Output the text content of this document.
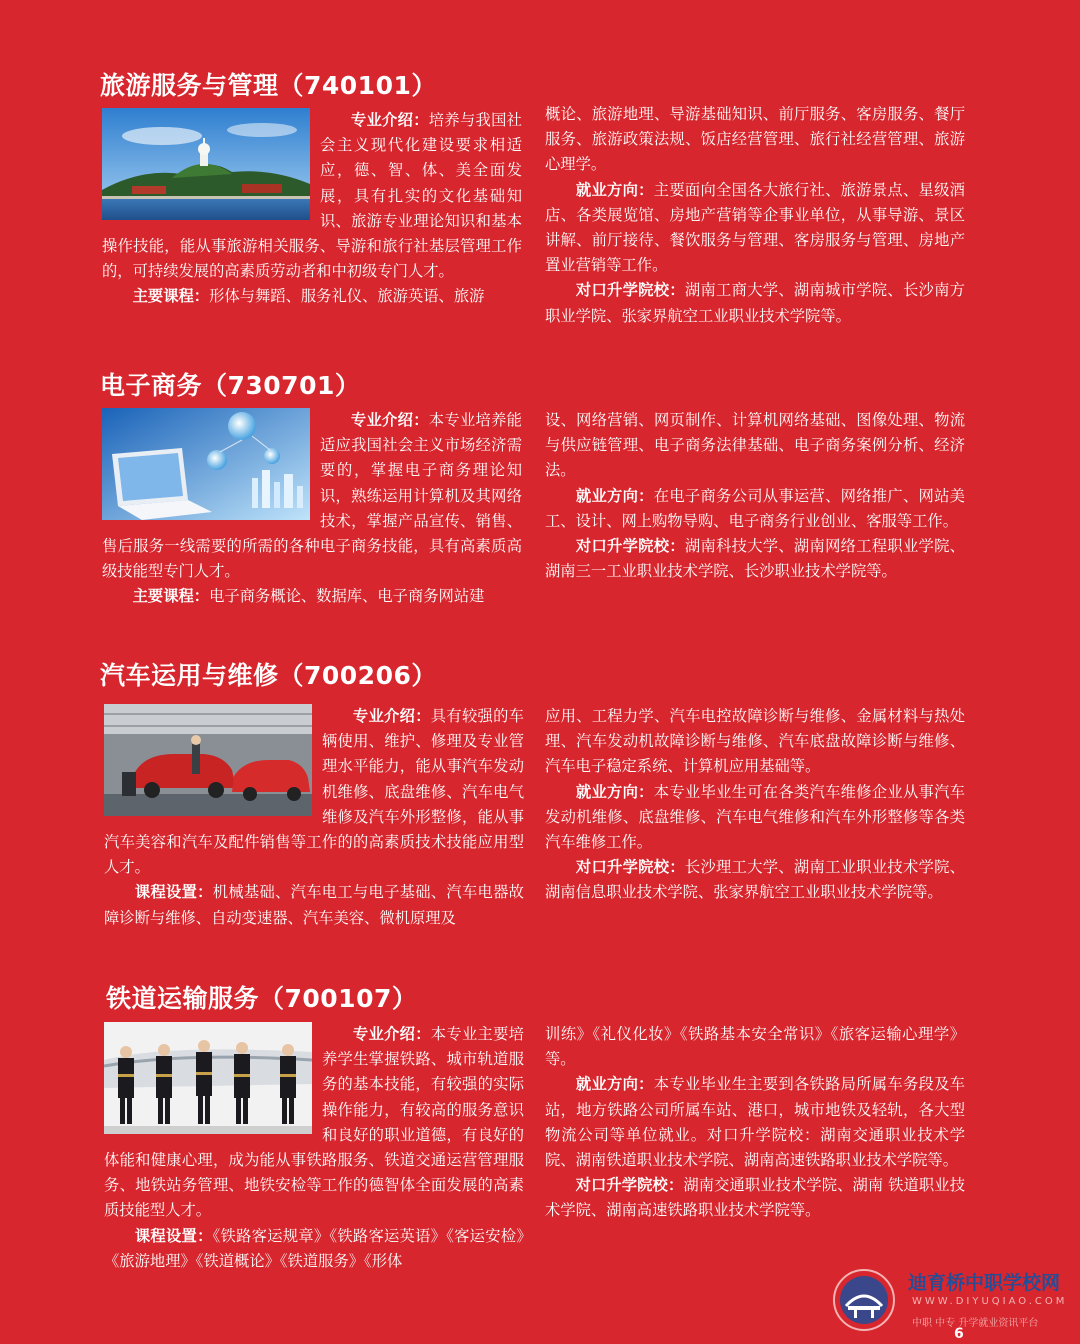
旅游服务与管理（740101）

专业介绍：培养与我国社会主义现代化建设要求相适应，德、智、体、美全面发展，具有扎实的文化基础知识、旅游专业理论知识和基本操作技能，能从事旅游相关服务、导游和旅行社基层管理工作的，可持续发展的高素质劳动者和中初级专门人才。

主要课程：形体与舞蹈、服务礼仪、旅游英语、旅游

概论、旅游地理、导游基础知识、前厅服务、客房服务、餐厅服务、旅游政策法规、饭店经营管理、旅行社经营管理、旅游心理学。

就业方向：主要面向全国各大旅行社、旅游景点、星级酒店、各类展览馆、房地产营销等企事业单位，从事导游、景区讲解、前厅接待、餐饮服务与管理、客房服务与管理、房地产置业营销等工作。

对口升学院校：湖南工商大学、湖南城市学院、长沙南方职业学院、张家界航空工业职业技术学院等。

电子商务（730701）

专业介绍：本专业培养能适应我国社会主义市场经济需要的，掌握电子商务理论知识，熟练运用计算机及其网络技术，掌握产品宣传、销售、售后服务一线需要的所需的各种电子商务技能，具有高素质高级技能型专门人才。

主要课程：电子商务概论、数据库、电子商务网站建

设、网络营销、网页制作、计算机网络基础、图像处理、物流与供应链管理、电子商务法律基础、电子商务案例分析、经济法。

就业方向：在电子商务公司从事运营、网络推广、网站美工、设计、网上购物导购、电子商务行业创业、客服等工作。

对口升学院校：湖南科技大学、湖南网络工程职业学院、湖南三一工业职业技术学院、长沙职业技术学院等。

汽车运用与维修（700206）

专业介绍：具有较强的车辆使用、维护、修理及专业管理水平能力，能从事汽车发动机维修、底盘维修、汽车电气维修及汽车外形整修，能从事汽车美容和汽车及配件销售等工作的的高素质技术技能应用型人才。

课程设置：机械基础、汽车电工与电子基础、汽车电器故障诊断与维修、自动变速器、汽车美容、微机原理及

应用、工程力学、汽车电控故障诊断与维修、金属材料与热处理、汽车发动机故障诊断与维修、汽车底盘故障诊断与维修、汽车电子稳定系统、计算机应用基础等。

就业方向：本专业毕业生可在各类汽车维修企业从事汽车发动机维修、底盘维修、汽车电气维修和汽车外形整修等各类汽车维修工作。

对口升学院校：长沙理工大学、湖南工业职业技术学院、湖南信息职业技术学院、张家界航空工业职业技术学院等。

铁道运输服务（700107）

专业介绍：本专业主要培养学生掌握铁路、城市轨道服务的基本技能，有较强的实际操作能力，有较高的服务意识和良好的职业道德，有良好的体能和健康心理，成为能从事铁路服务、铁道交通运营管理服务、地铁站务管理、地铁安检等工作的德智体全面发展的高素质技能型人才。

课程设置：《铁路客运规章》《铁路客运英语》《客运安检》《旅游地理》《铁道概论》《铁道服务》《形体

训练》《礼仪化妆》《铁路基本安全常识》《旅客运输心理学》等。

就业方向：本专业毕业生主要到各铁路局所属车务段及车站，地方铁路公司所属车站、港口，城市地铁及轻轨，各大型物流公司等单位就业。对口升学院校：湖南交通职业技术学院、湖南铁道职业技术学院、湖南高速铁路职业技术学院等。

对口升学院校：湖南交通职业技术学院、湖南 铁道职业技术学院、湖南高速铁路职业技术学院等。

迪育桥中职学校网
WWW.DIYUQIAO.COM
中职 中专 升学就业资讯平台
6
